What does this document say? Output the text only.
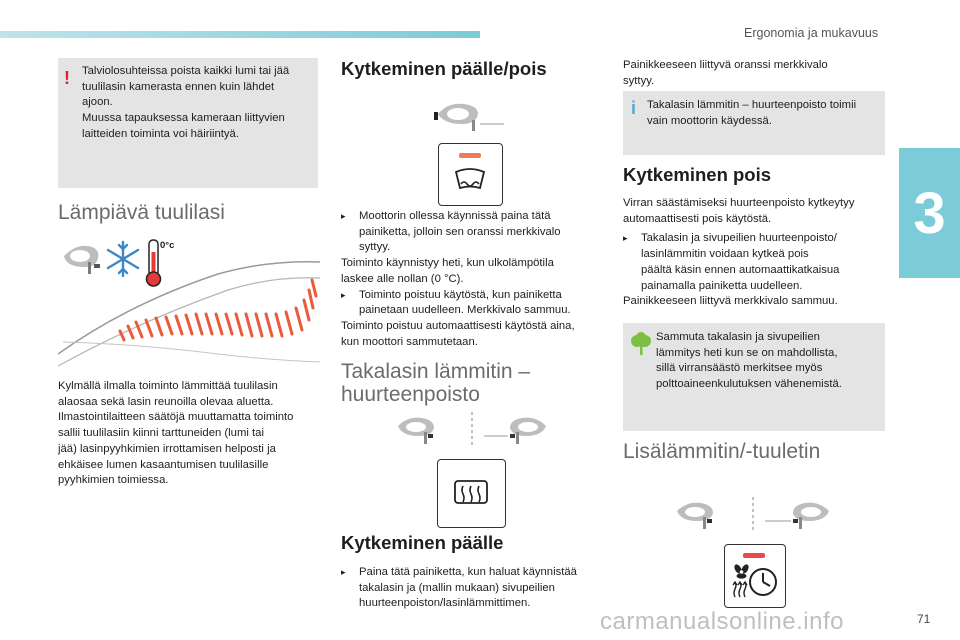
Ergonomia ja mukavuus
3
! Talviolosuhteissa poista kaikki lumi tai jää
tuulilasin kamerasta ennen kuin lähdet
ajoon.
Muussa tapauksessa kameraan liittyvien
laitteiden toiminta voi häiriintyä.
Lämpiävä tuulilasi
0°c
Kylmällä ilmalla toiminto lämmittää tuulilasin
alaosaa sekä lasin reunoilla olevaa aluetta.
Ilmastointilaitteen säätöjä muuttamatta toiminto
sallii tuulilasiin kiinni tarttuneiden (lumi tai
jää) lasinpyyhkimien irrottamisen helposti ja
ehkäisee lumen kasaantumisen tuulilasille
pyyhkimien toimiessa.
Kytkeminen päälle/pois
▸	Moottorin ollessa käynnissä paina tätä
painiketta, jolloin sen oranssi merkkivalo
syttyy.
Toiminto käynnistyy heti, kun ulkolämpötila
laskee alle nollan (0 °C).
▸	Toiminto poistuu käytöstä, kun painiketta
painetaan uudelleen. Merkkivalo sammuu.
Toiminto poistuu automaattisesti käytöstä aina,
kun moottori sammutetaan.
Takalasin lämmitin –
huurteenpoisto
Kytkeminen päälle
▸	Paina tätä painiketta, kun haluat käynnistää
takalasin ja (mallin mukaan) sivupeilien
huurteenpoiston/lasinlämmittimen.
Painikkeeseen liittyvä oranssi merkkivalo
syttyy.
i Takalasin lämmitin – huurteenpoisto toimii
vain moottorin käydessä.
Kytkeminen pois
Virran säästämiseksi huurteenpoisto kytkeytyy
automaattisesti pois käytöstä.
▸	Takalasin ja sivupeilien huurteenpoisto/
lasinlämmitin voidaan kytkeä pois
päältä käsin ennen automaattikatkaisua
painamalla painiketta uudelleen.
Painikkeeseen liittyvä merkkivalo sammuu.
Sammuta takalasin ja sivupeilien
lämmitys heti kun se on mahdollista,
sillä virransäästö merkitsee myös
polttoaineenkulutuksen vähenemistä.
Lisälämmitin/-tuuletin
carmanualsonline.info	71
